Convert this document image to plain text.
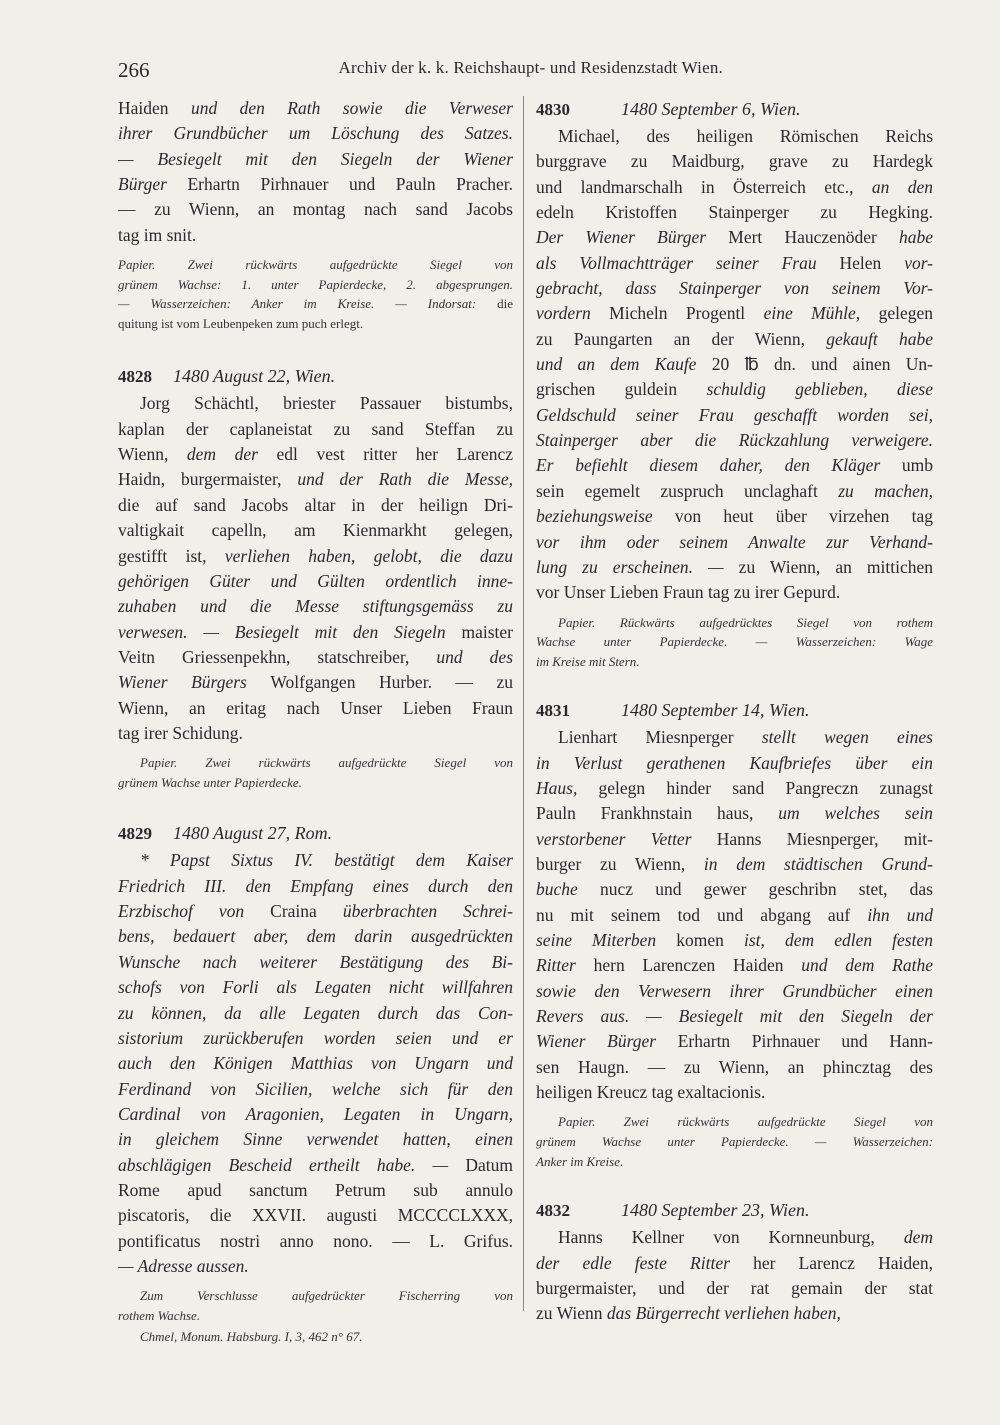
266	Archiv der k. k. Reichshaupt- und Residenzstadt Wien.
Haiden und den Rath sowie die Verweser
ihrer Grundbücher um Löschung des Satzes.
— Besiegelt mit den Siegeln der Wiener
Bürger Erhartn Pirhnauer und Pauln Pracher.
— zu Wienn, an montag nach sand Jacobs
tag im snit.
Papier. Zwei rückwärts aufgedrückte Siegel von
grünem Wachse: 1. unter Papierdecke, 2. abgesprungen.
— Wasserzeichen: Anker im Kreise. — Indorsat: die
quitung ist vom Leubenpeken zum puch erlegt.
4828 1480 August 22, Wien.
Jorg Schächtl, briester Passauer bistumbs,
kaplan der caplaneistat zu sand Steffan zu
Wienn, dem der edl vest ritter her Larencz
Haidn, burgermaister, und der Rath die Messe,
die auf sand Jacobs altar in der heilign Dri-
valtigkait capelln, am Kienmarkht gelegen,
gestifft ist, verliehen haben, gelobt, die dazu
gehörigen Güter und Gülten ordentlich inne-
zuhaben und die Messe stiftungsgemäss zu
verwesen. — Besiegelt mit den Siegeln maister
Veitn Griessenpekhn, statschreiber, und des
Wiener Bürgers Wolfgangen Hurber. — zu
Wienn, an eritag nach Unser Lieben Fraun
tag irer Schidung.
Papier. Zwei rückwärts aufgedrückte Siegel von
grünem Wachse unter Papierdecke.
4829 1480 August 27, Rom.
* Papst Sixtus IV. bestätigt dem Kaiser
Friedrich III. den Empfang eines durch den
Erzbischof von Craina überbrachten Schrei-
bens, bedauert aber, dem darin ausgedrückten
Wunsche nach weiterer Bestätigung des Bi-
schofs von Forli als Legaten nicht willfahren
zu können, da alle Legaten durch das Con-
sistorium zurückberufen worden seien und er
auch den Königen Matthias von Ungarn und
Ferdinand von Sicilien, welche sich für den
Cardinal von Aragonien, Legaten in Ungarn,
in gleichem Sinne verwendet hatten, einen
abschlägigen Bescheid ertheilt habe. — Datum
Rome apud sanctum Petrum sub annulo
piscatoris, die XXVII. augusti MCCCCLXXX,
pontificatus nostri anno nono. — L. Grifus.
— Adresse aussen.
Zum Verschlusse aufgedrückter Fischerring von
rothem Wachse.
Chmel, Monum. Habsburg. I, 3, 462 n° 67.
4830	1480 September 6, Wien.
Michael, des heiligen Römischen Reichs
burggrave zu Maidburg, grave zu Hardegk
und landmarschalh in Österreich etc., an den
edeln Kristoffen Stainperger zu Hegking.
Der Wiener Bürger Mert Hauczenöder habe
als Vollmachtträger seiner Frau Helen vor-
gebracht, dass Stainperger von seinem Vor-
vordern Micheln Progentl eine Mühle, gelegen
zu Paungarten an der Wienn, gekauft habe
und an dem Kaufe 20 ℔ dn. und ainen Un-
grischen guldein schuldig geblieben, diese
Geldschuld seiner Frau geschafft worden sei,
Stainperger aber die Rückzahlung verweigere.
Er befiehlt diesem daher, den Kläger umb
sein egemelt zuspruch unclaghaft zu machen,
beziehungsweise von heut über virzehen tag
vor ihm oder seinem Anwalte zur Verhand-
lung zu erscheinen. — zu Wienn, an mittichen
vor Unser Lieben Fraun tag zu irer Gepurd.
Papier. Rückwärts aufgedrücktes Siegel von rothem
Wachse unter Papierdecke. — Wasserzeichen: Wage
im Kreise mit Stern.
4831	1480 September 14, Wien.
Lienhart Miesnperger stellt wegen eines
in Verlust gerathenen Kaufbriefes über ein
Haus, gelegn hinder sand Pangreczn zunagst
Pauln Frankhnstain haus, um welches sein
verstorbener Vetter Hanns Miesnperger, mit-
burger zu Wienn, in dem städtischen Grund-
buche nucz und gewer geschribn stet, das
nu mit seinem tod und abgang auf ihn und
seine Miterben komen ist, dem edlen festen
Ritter hern Larenczen Haiden und dem Rathe
sowie den Verwesern ihrer Grundbücher einen
Revers aus. — Besiegelt mit den Siegeln der
Wiener Bürger Erhartn Pirhnauer und Hann-
sen Haugn. — zu Wienn, an phincztag des
heiligen Kreucz tag exaltacionis.
Papier. Zwei rückwärts aufgedrückte Siegel von
grünem Wachse unter Papierdecke. — Wasserzeichen:
Anker im Kreise.
4832	1480 September 23, Wien.
Hanns Kellner von Kornneunburg, dem
der edle feste Ritter her Larencz Haiden,
burgermaister, und der rat gemain der stat
zu Wienn das Bürgerrecht verliehen haben,
